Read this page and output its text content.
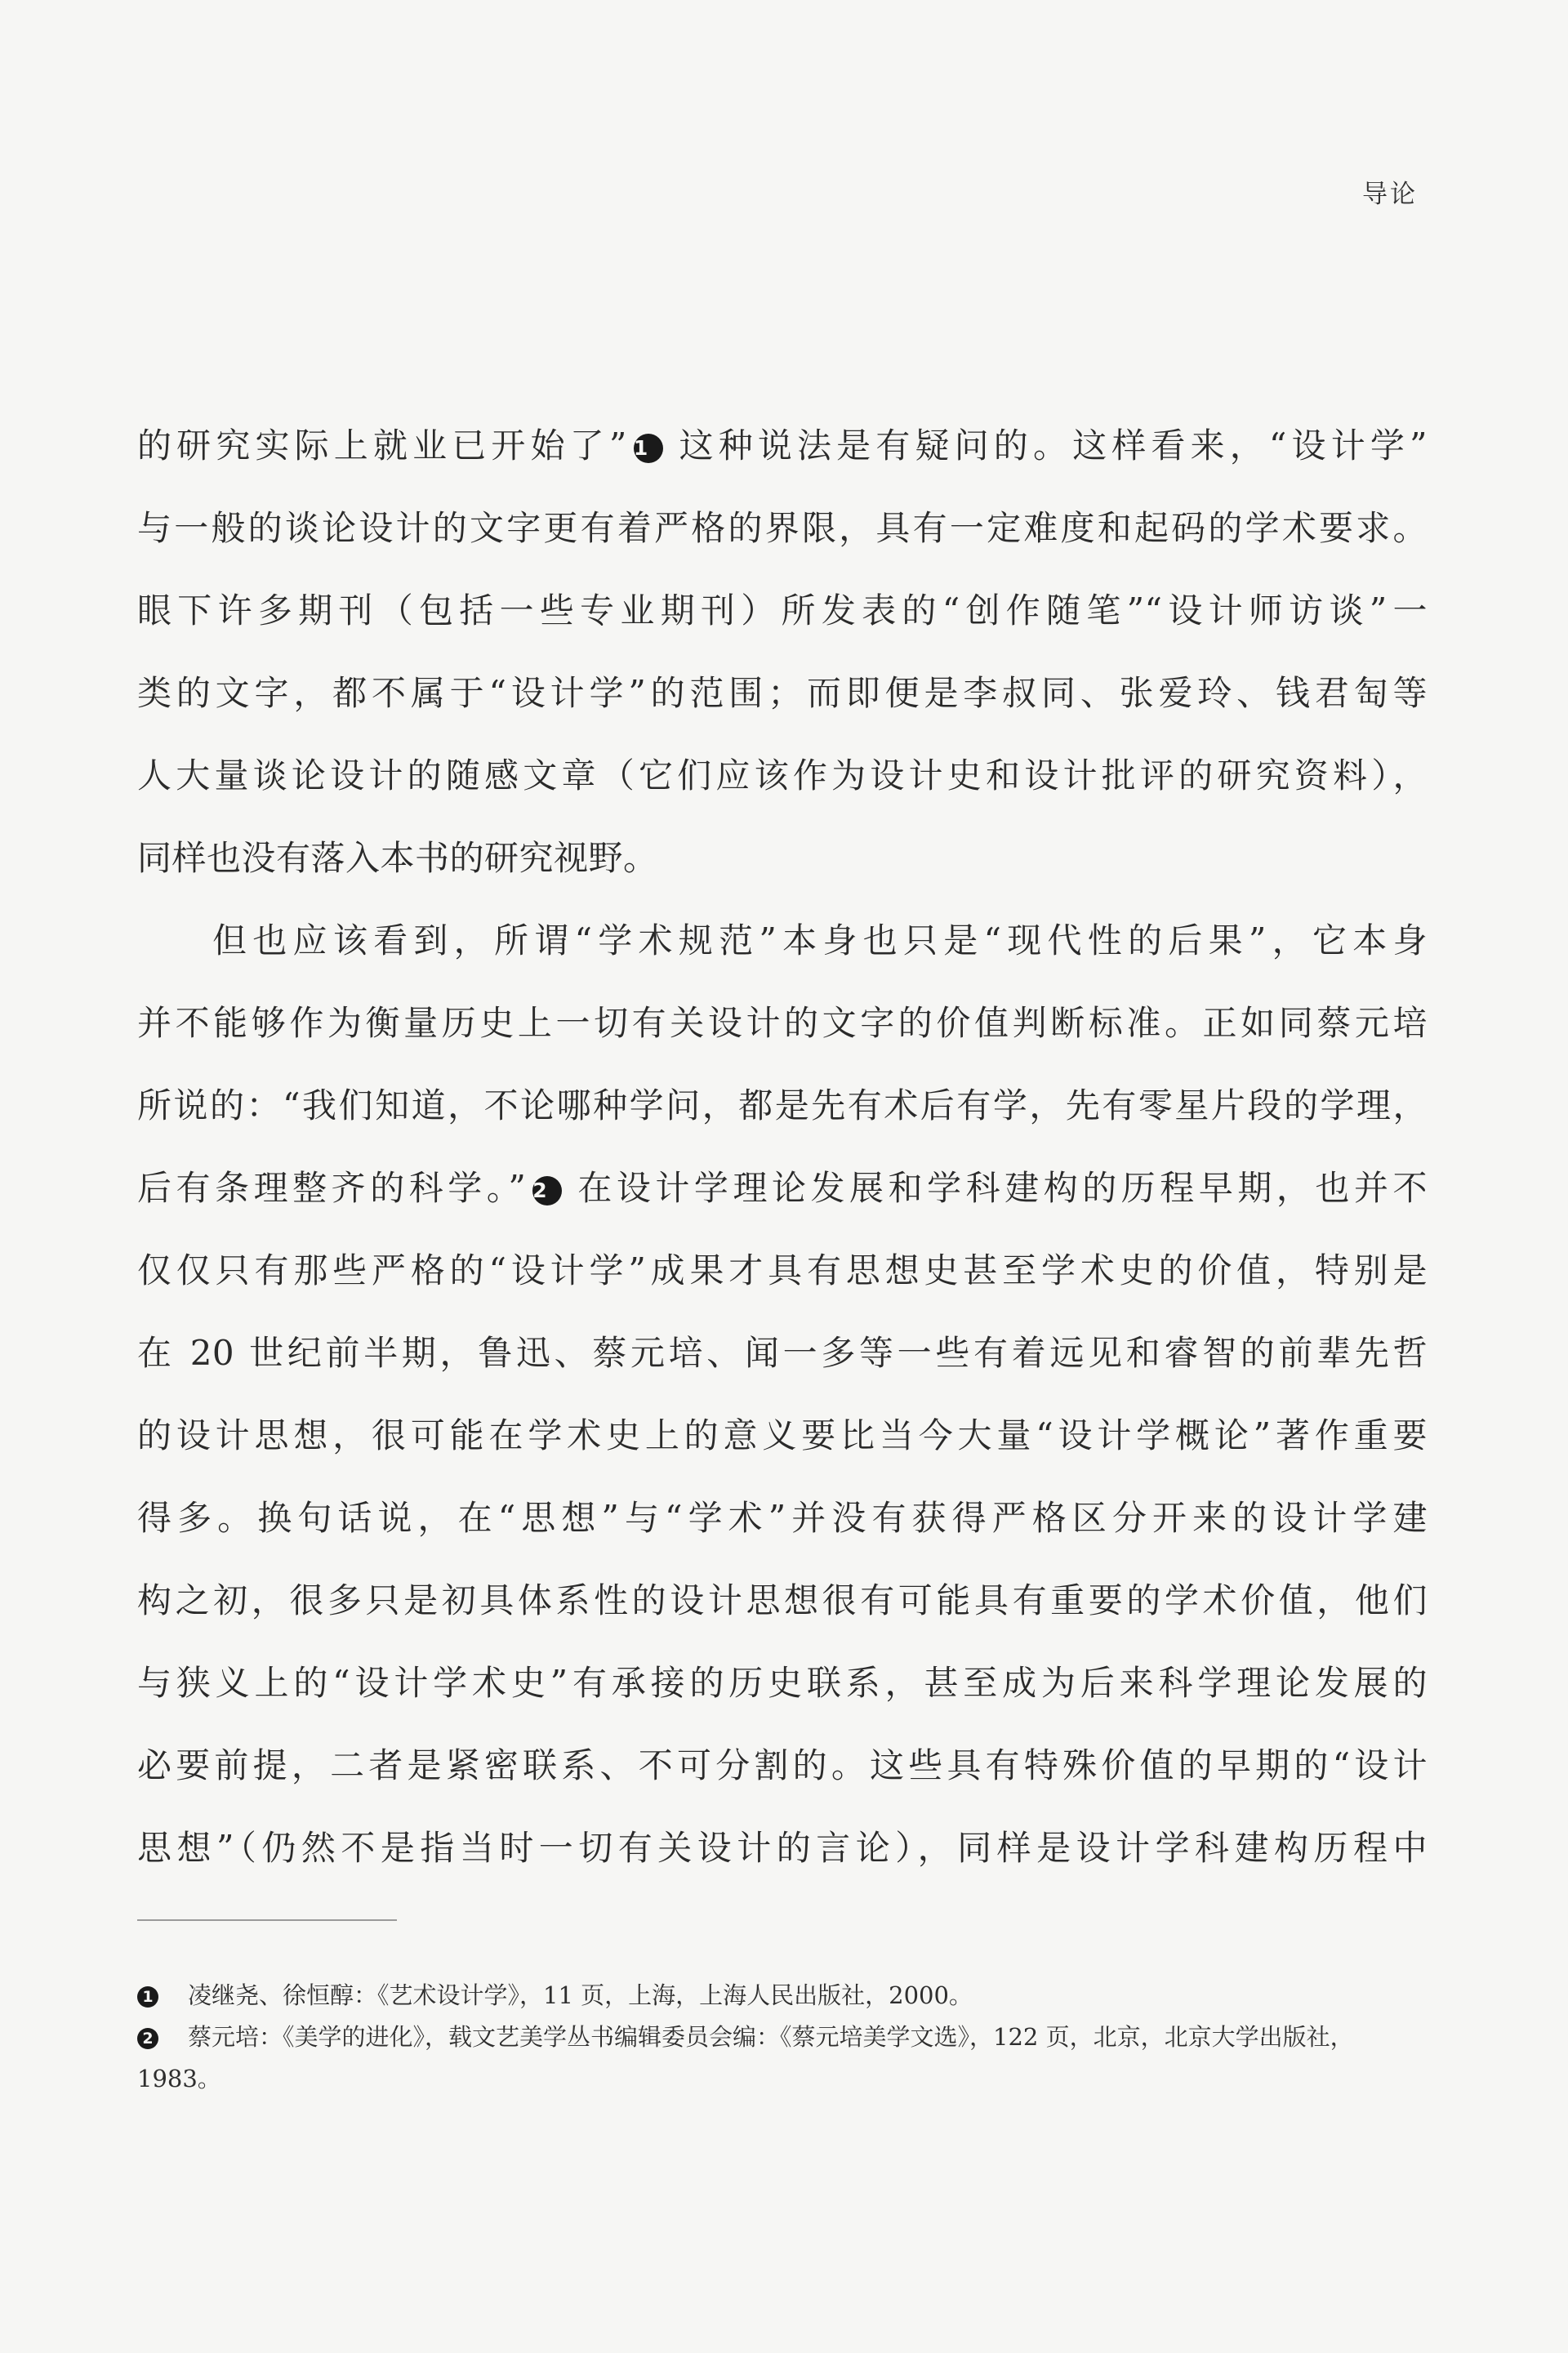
导论
的研究实际上就业已开始了” 1 这种说法是有疑问的。这样看来，“设计学”
与一般的谈论设计的文字更有着严格的界限，具有一定难度和起码的学术要求。
眼下许多期刊（包括一些专业期刊）所发表的“创作随笔”“设计师访谈”一
类的文字，都不属于“设计学”的范围；而即便是李叔同、张爱玲、钱君匋等
人大量谈论设计的随感文章（它们应该作为设计史和设计批评的研究资料），
同样也没有落入本书的研究视野。
但也应该看到，所谓“学术规范”本身也只是“现代性的后果”，它本身
并不能够作为衡量历史上一切有关设计的文字的价值判断标准。正如同蔡元培
所说的：“我们知道，不论哪种学问，都是先有术后有学，先有零星片段的学理，
后有条理整齐的科学。” 2 在设计学理论发展和学科建构的历程早期，也并不
仅仅只有那些严格的“设计学”成果才具有思想史甚至学术史的价值，特别是
在 20 世纪前半期，鲁迅、蔡元培、闻一多等一些有着远见和睿智的前辈先哲
的设计思想，很可能在学术史上的意义要比当今大量“设计学概论”著作重要
得多。换句话说，在“思想”与“学术”并没有获得严格区分开来的设计学建
构之初，很多只是初具体系性的设计思想很有可能具有重要的学术价值，他们
与狭义上的“设计学术史”有承接的历史联系，甚至成为后来科学理论发展的
必要前提，二者是紧密联系、不可分割的。这些具有特殊价值的早期的“设计
思想”（仍然不是指当时一切有关设计的言论），同样是设计学科建构历程中
1 凌继尧、徐恒醇：《艺术设计学》，11 页，上海，上海人民出版社，2000。
2 蔡元培：《美学的进化》，载文艺美学丛书编辑委员会编：《蔡元培美学文选》，122 页，北京，北京大学出版社，
1983。
